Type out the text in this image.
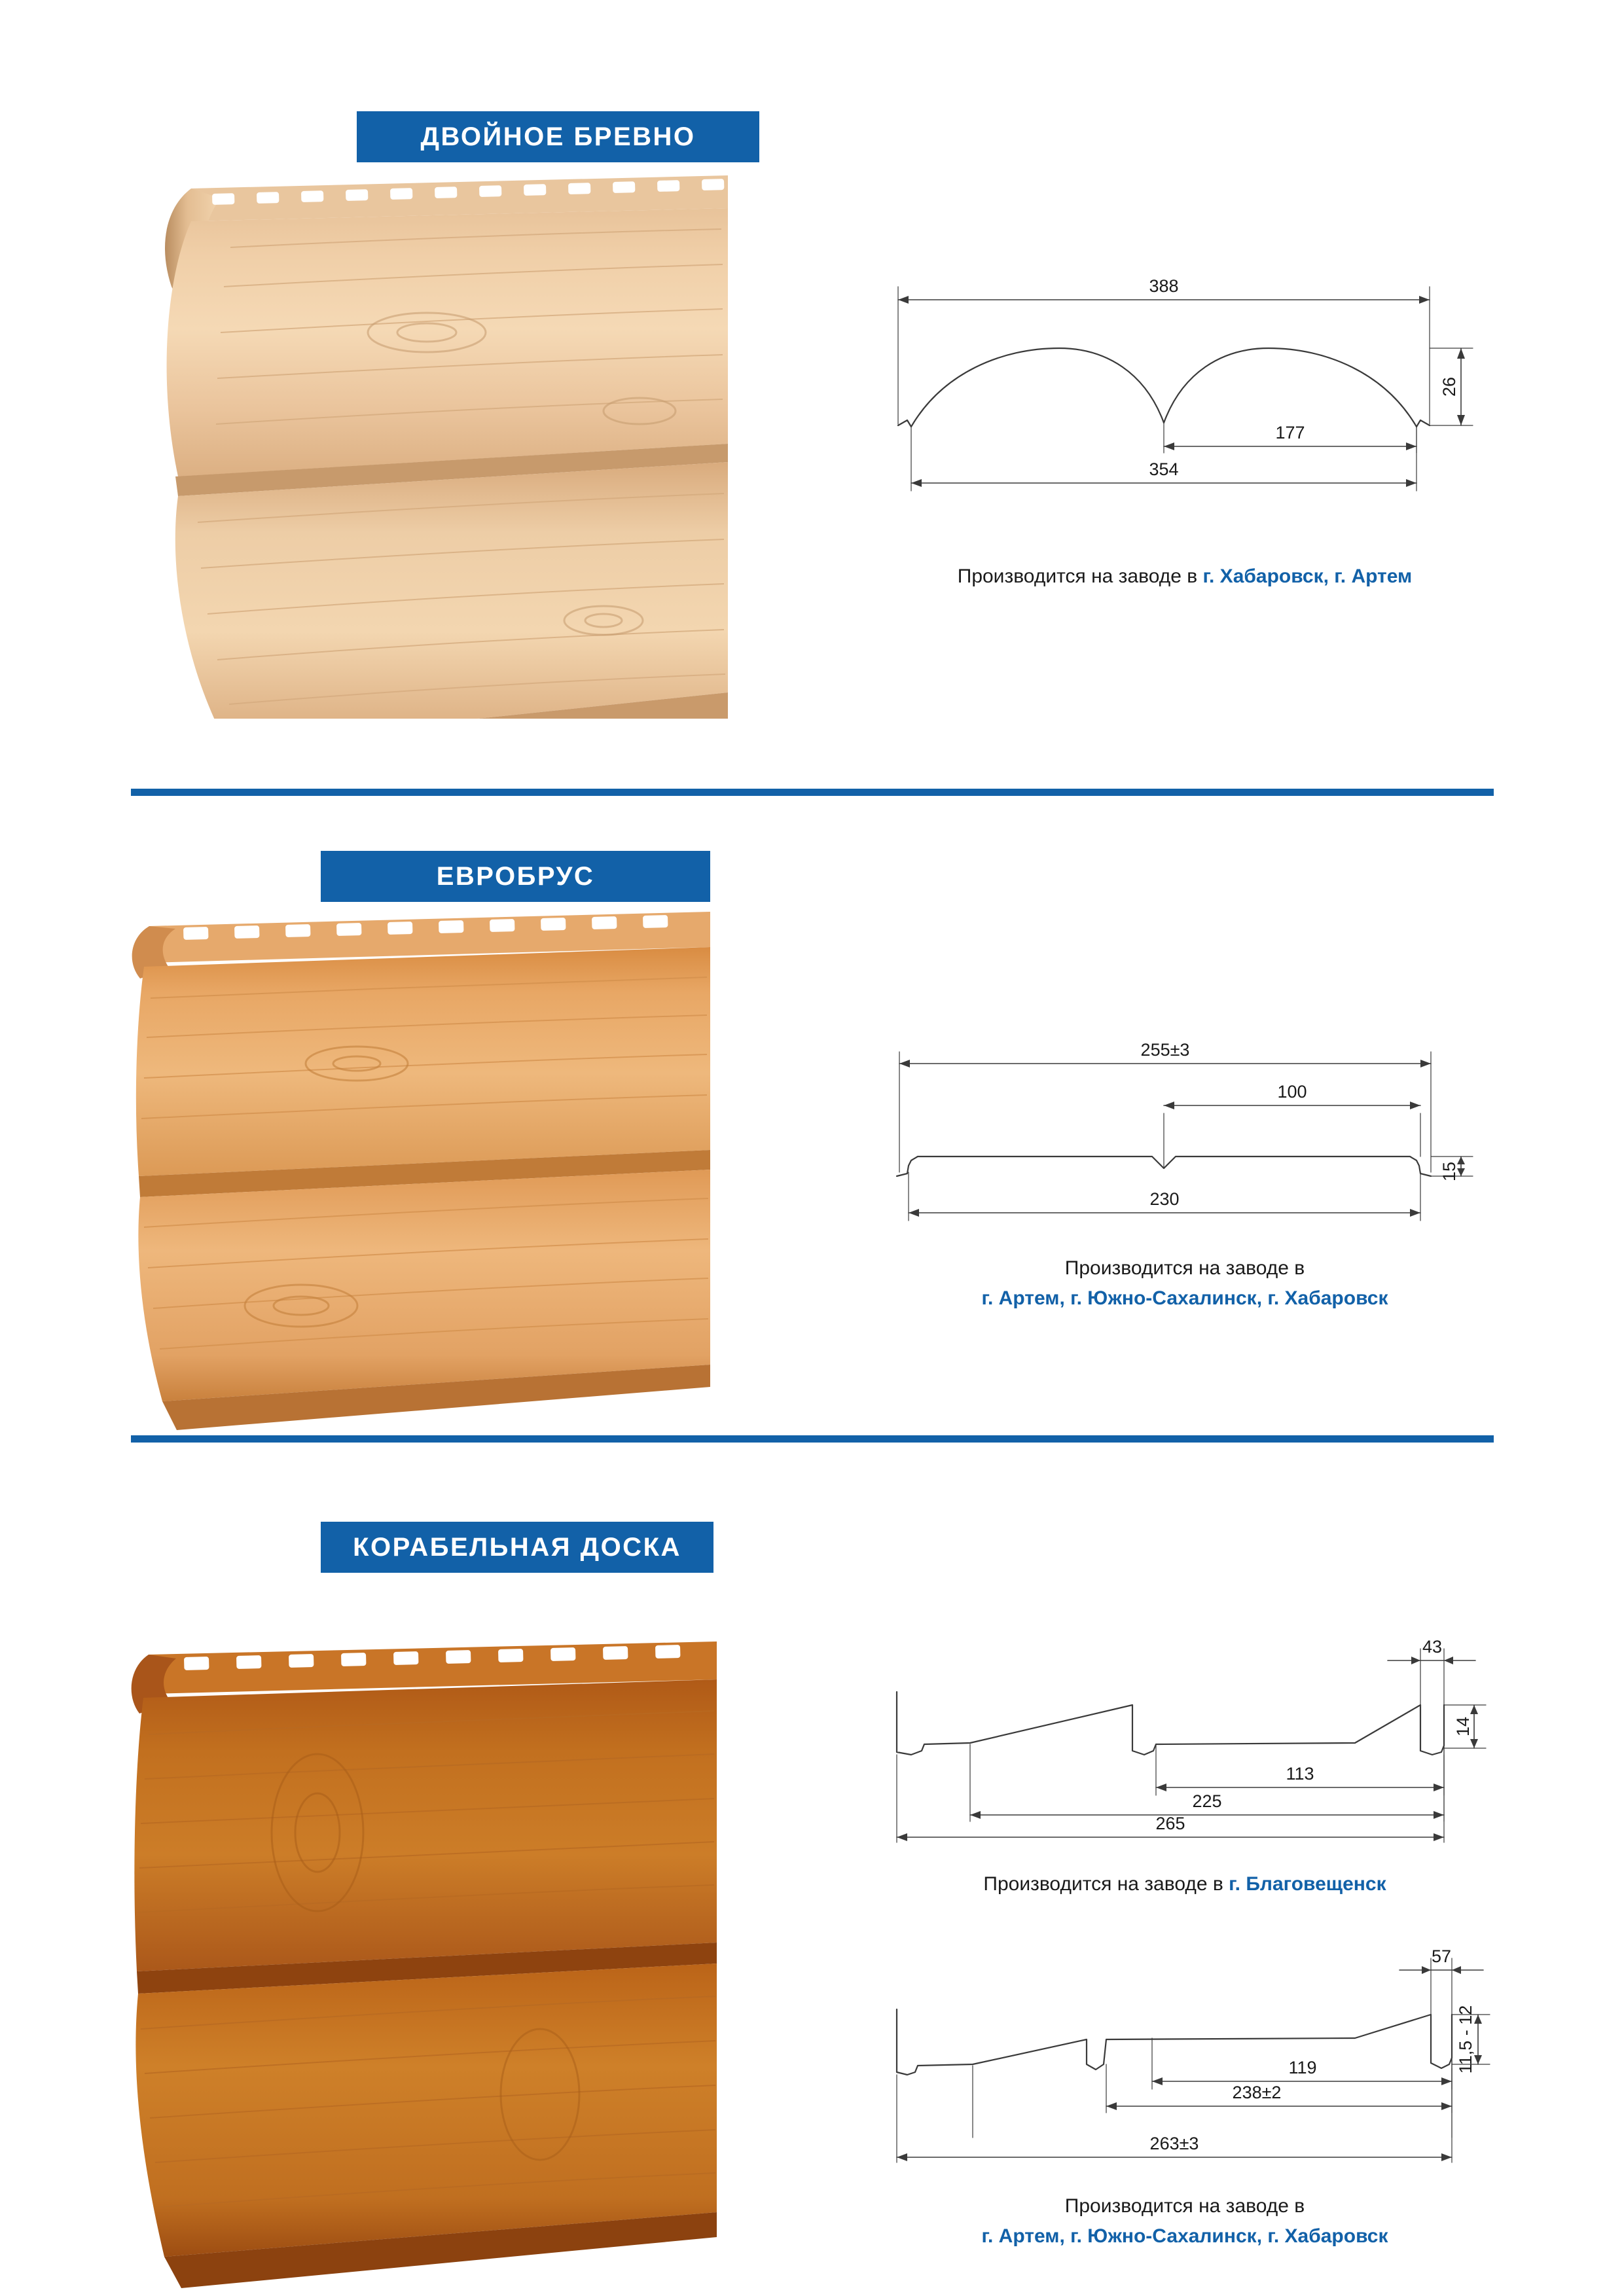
ДВОЙНОЕ БРЕВНО
388
354
177
26
Производится на заводе в г. Хабаровск, г. Артем
ЕВРОБРУС
255±3
100
230
15
Производится на заводе в
г. Артем, г. Южно-Сахалинск, г. Хабаровск
КОРАБЕЛЬНАЯ ДОСКА
43
113
225
265
14
Производится на заводе в г. Благовещенск
57
119
238±2
263±3
11,5 - 12
Производится на заводе в
г. Артем, г. Южно-Сахалинск, г. Хабаровск
